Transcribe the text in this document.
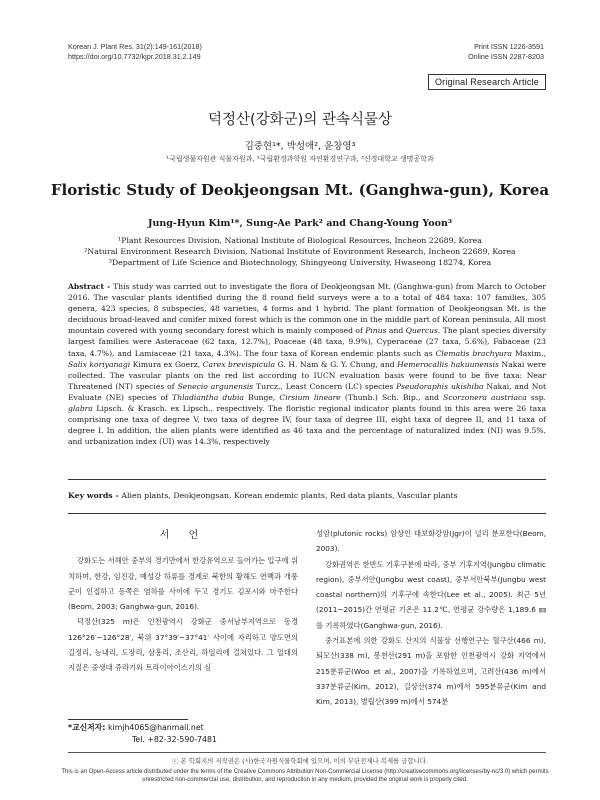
Korean J. Plant Res. 31(2):149-161(2018)
https://doi.org/10.7732/kjpr.2018.31.2.149
Print ISSN 1226-3591
Online ISSN 2287-8203
Original Research Article
덕정산(강화군)의 관속식물상
김중현¹*, 박성애², 윤창영³
¹국립생물자원관 식물자원과, ²국립환경과학원 자연환경연구과, ³신경대학교 생명공학과
Floristic Study of Deokjeongsan Mt. (Ganghwa-gun), Korea
Jung-Hyun Kim¹*, Sung-Ae Park² and Chang-Young Yoon³
¹Plant Resources Division, National Institute of Biological Resources, Incheon 22689, Korea
²Natural Environment Research Division, National Institute of Environment Research, Incheon 22689, Korea
³Department of Life Science and Biotechnology, Shingyeong University, Hwaseong 18274, Korea
Abstract - This study was carried out to investigate the flora of Deokjeongsan Mt. (Ganghwa-gun) from March to October 2016. The vascular plants identified during the 8 round field surveys were a to a total of 484 taxa: 107 families, 305 genera, 423 species, 8 subspecies, 48 varieties, 4 forms and 1 hybrid. The plant formation of Deokjeongsan Mt. is the deciduous broad-leaved and conifer mixed forest which is the common one in the middle part of Korean peninsula. All most mountain covered with young secondary forest which is mainly composed of Pinus and Quercus. The plant species diversity largest families were Asteraceae (62 taxa, 12.7%), Poaceae (48 taxa, 9.9%), Cyperaceae (27 taxa, 5.6%), Fabaceae (23 taxa, 4.7%), and Lamiaceae (21 taxa, 4.3%). The four taxa of Korean endemic plants such as Clematis brachyura Maxim., Salix koriyanagi Kimura ex Goerz, Carex brevispicula G. H. Nam & G. Y. Chung, and Hemerocallis hakuunensis Nakai were collected. The vascular plants on the red list according to IUCN evaluation basis were found to be five taxa: Near Threatened (NT) species of Senecio argunensis Turcz., Least Concern (LC) species Pseudoraphis ukishiba Nakai, and Not Evaluate (NE) species of Thladiantha dubia Bunge, Cirsium lineare (Thunb.) Sch. Bip., and Scorzonera austriaca ssp. glabra Lipsch. & Krasch. ex Lipsch., respectively. The floristic regional indicator plants found in this area were 26 taxa comprising one taxa of degree V, two taxa of degree IV, four taxa of degree III, eight taxa of degree II, and 11 taxa of degree I. In addition, the alien plants were identified as 46 taxa and the percentage of naturalized index (NI) was 9.5%, and urbanization index (UI) was 14.3%, respectively
Key words - Alien plants, Deokjeongsan, Korean endemic plants, Red data plants, Vascular plants
서 언

강화도는 서해안 중부의 경기만에서 한강유역으로 들어가는 입구에 위치하며, 한강, 임진강, 예성강 하류를 경계로 북한의 황해도 연백과 개풍군이 인접하고 동쪽은 염하를 사이에 두고 경기도 김포시와 마주한다(Beom, 2003; Ganghwa-gun, 2016).

덕정산(325 m)은 인천광역시 강화군 중서남부지역으로 동경 126°26′~126°28′, 북위 37°39′~37°41′ 사이에 자리하고 양도면의 길정리, 능내리, 도장리, 삼흥리, 조산리, 하일리에 걸쳐있다. 그 일대의 지질은 중생대 쥬라기와 트라이아이스기의 심

성암(plutonic rocks) 암상인 대보화강암(Jgr)이 널리 분포한다(Beom, 2003).

강화권역은 한반도 기후구분에 따라, 중부 기후지역(Jungbu climatic region), 중부서안(Jungbu west coast), 중부서안북부(Jungbu west coastal northern)의 기후구에 속한다(Lee et al., 2005). 최근 5년(2011~2015)간 연평균 기온은 11.2℃, 연평균 강수량은 1,189.6 ㎜를 기록하였다(Ganghwa-gun, 2016).

중거표본에 의한 강화도 산지의 식물상 선행연구는 혈구산(466 m), 퇴모산(338 m), 봉천산(291 m)을 포함한 인천광역시 강화 지역에서 215분류군(Woo et al., 2007)을 기록하였으며, 고려산(436 m)에서 337분류군(Kim, 2012), 길상산(374 m)에서 595분류군(Kim and Kim, 2013), 별립산(399 m)에서 574분

*교신저자: kimjh4065@hanmail.net
Tel. +82-32-590-7481
ⓒ 본 학회지의 저작권은 (사)한국자원식물학회에 있으며, 이의 무단전재나 복제를 금합니다.
This is an Open-Access article distributed under the terms of the Creative Commons Attribution Non-Commercial License (http://creativecommons.org/licenses/by-nc/3.0) which permits unrestricted non-commercial use, distribution, and reproduction in any medium, provided the original work is properly cited.
